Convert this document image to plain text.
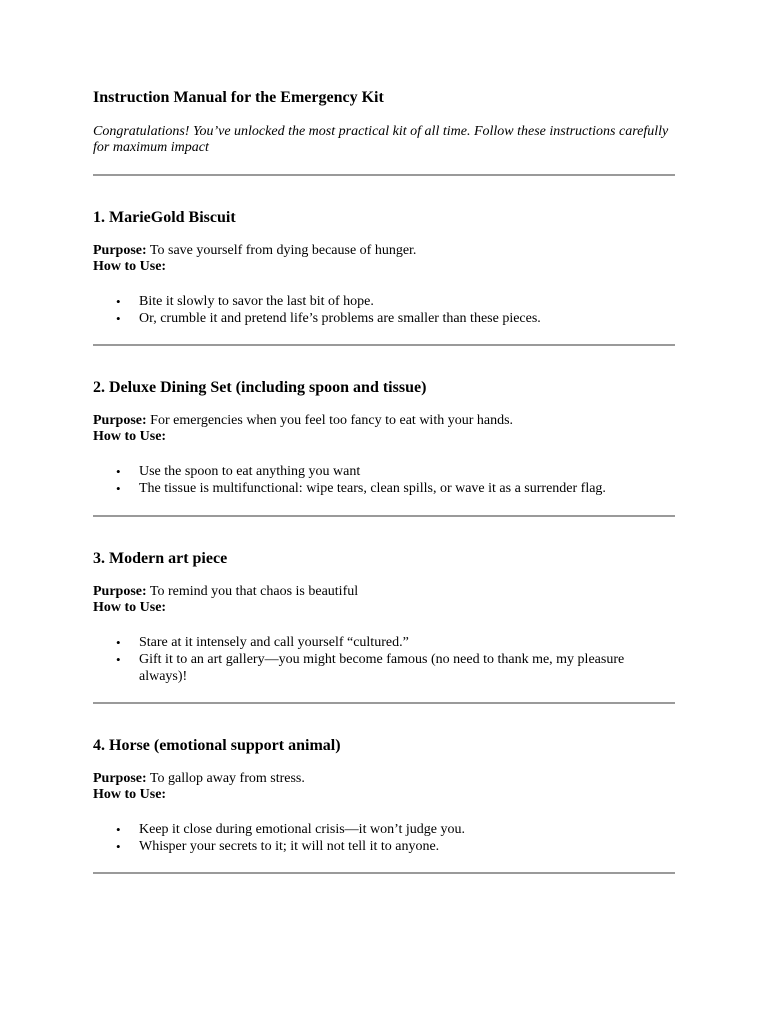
Instruction Manual for the Emergency Kit

Congratulations! You’ve unlocked the most practical kit of all time. Follow these instructions carefully for maximum impact

1. MarieGold Biscuit

Purpose: To save yourself from dying because of hunger.

How to Use:

• Bite it slowly to savor the last bit of hope.
• Or, crumble it and pretend life’s problems are smaller than these pieces.
2. Deluxe Dining Set (including spoon and tissue)

Purpose: For emergencies when you feel too fancy to eat with your hands.

How to Use:

• Use the spoon to eat anything you want
• The tissue is multifunctional: wipe tears, clean spills, or wave it as a surrender flag.
3. Modern art piece

Purpose: To remind you that chaos is beautiful

How to Use:

• Stare at it intensely and call yourself “cultured.”
• Gift it to an art gallery—you might become famous (no need to thank me, my pleasure always)!
4. Horse (emotional support animal)

Purpose: To gallop away from stress.

How to Use:

• Keep it close during emotional crisis—it won’t judge you.
• Whisper your secrets to it; it will not tell it to anyone.
